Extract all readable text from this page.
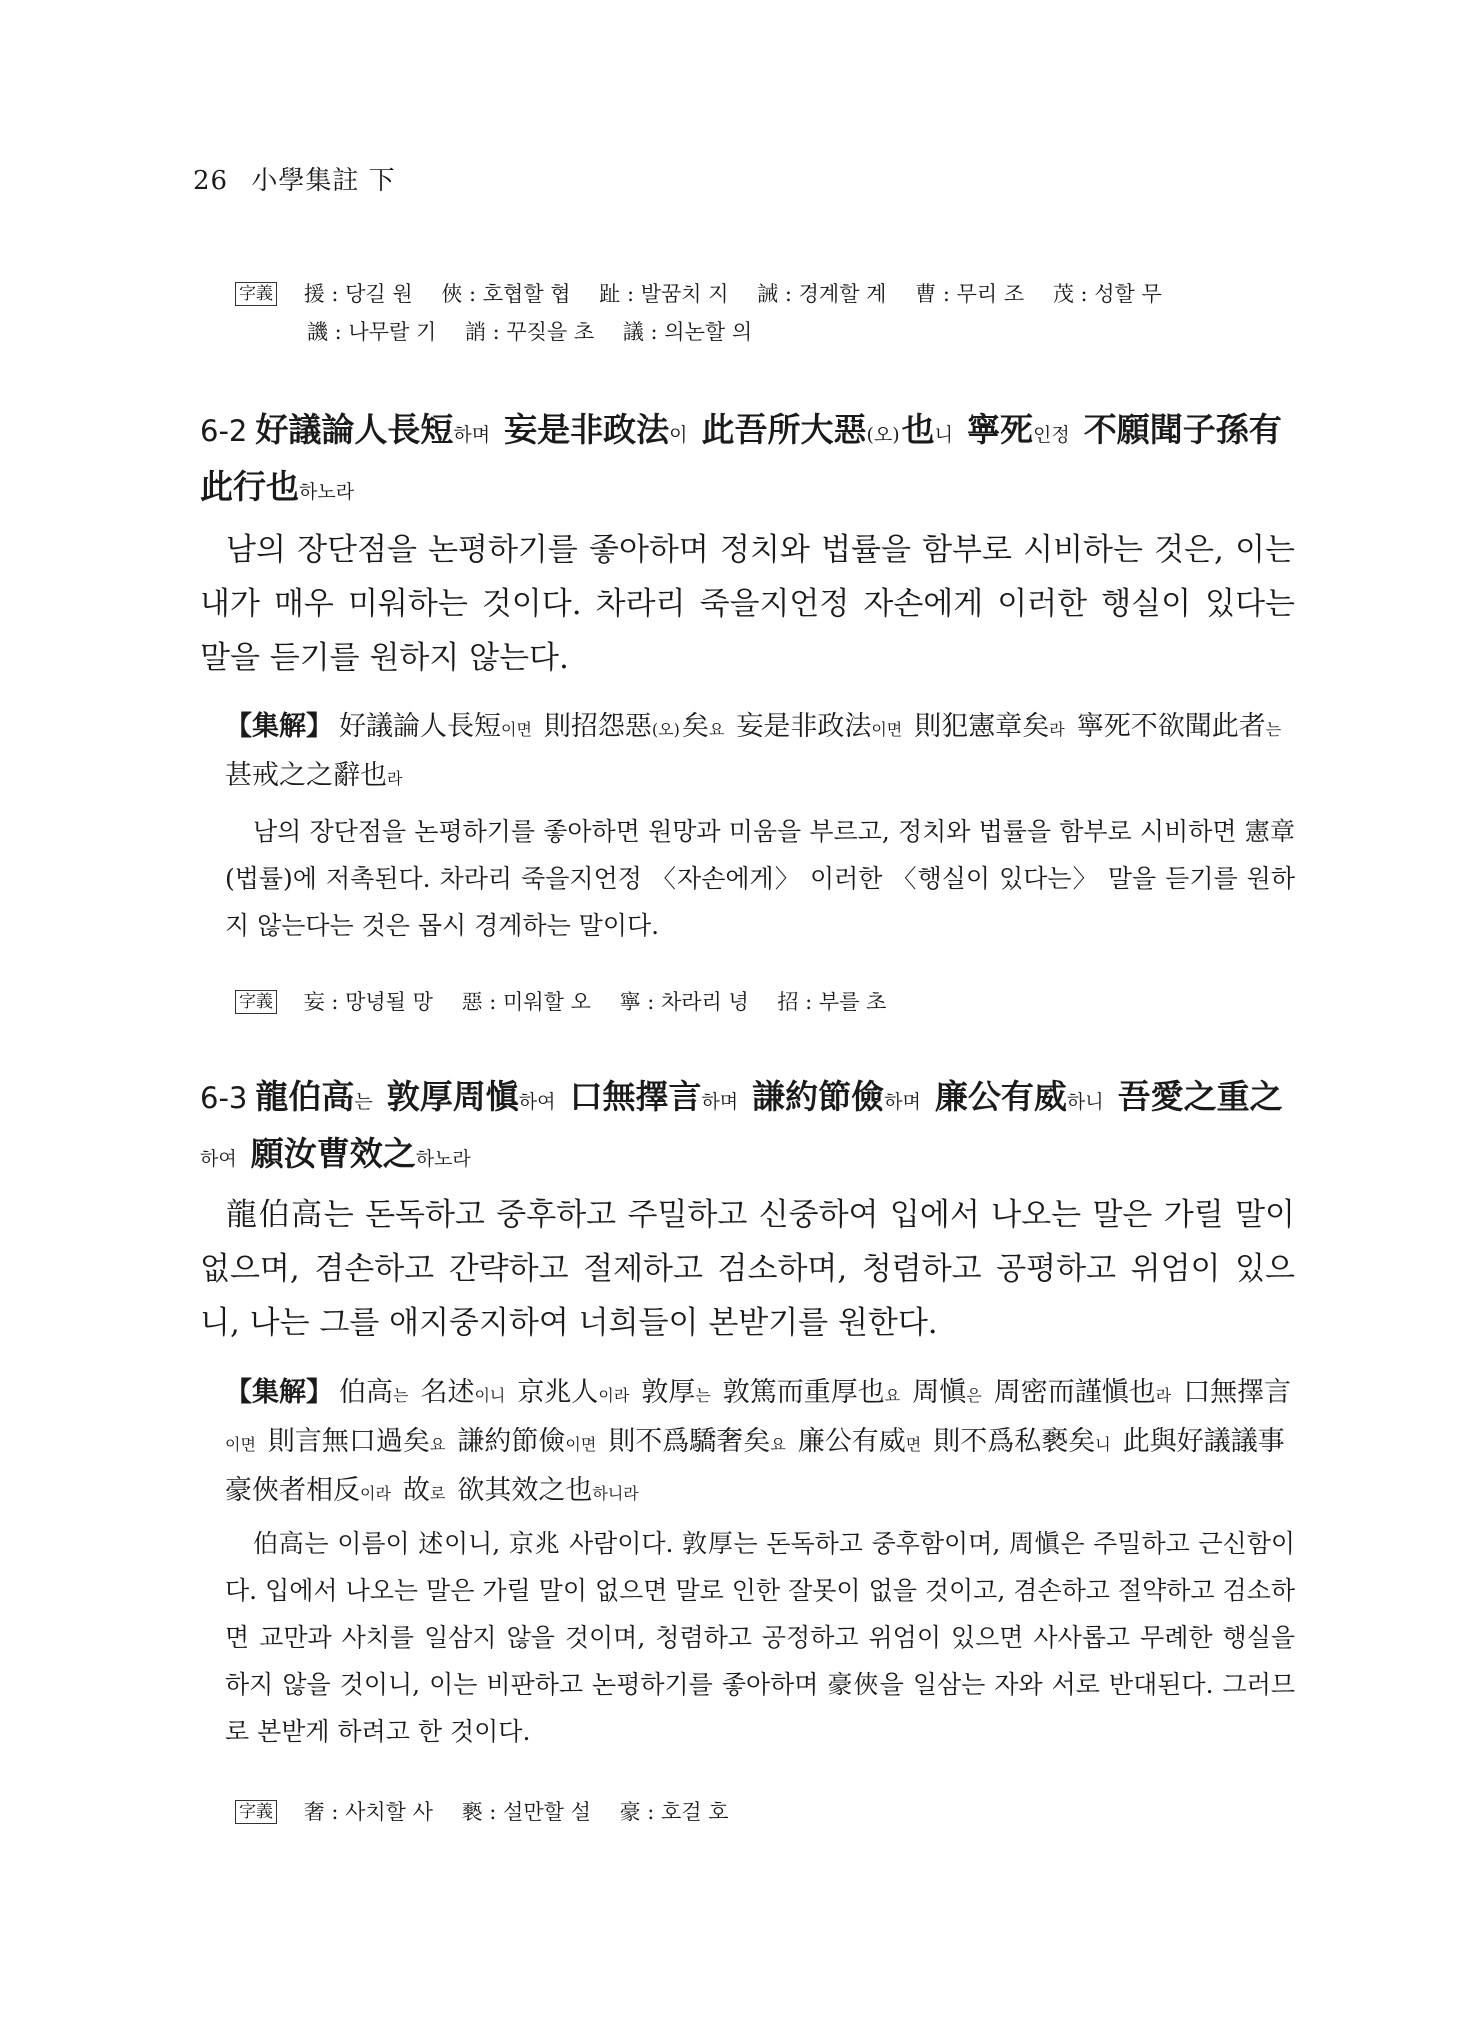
26 小學集註 下
字義 援 : 당길 원 俠 : 호협할 협 趾 : 발꿈치 지 誡 : 경계할 계 曹 : 무리 조 茂 : 성할 무
譏 : 나무랄 기 誚 : 꾸짖을 초 議 : 의논할 의
6-2 好議論人長短하며 妄是非政法이 此吾所大惡(오)也니 寧死인정 不願聞子孫有此行也하노라
남의 장단점을 논평하기를 좋아하며 정치와 법률을 함부로 시비하는 것은, 이는 내가 매우 미워하는 것이다. 차라리 죽을지언정 자손에게 이러한 행실이 있다는 말을 듣기를 원하지 않는다.
【集解】 好議論人長短이면 則招怨惡(오)矣요 妄是非政法이면 則犯憲章矣라 寧死不欲聞此者는甚戒之之辭也라
남의 장단점을 논평하기를 좋아하면 원망과 미움을 부르고, 정치와 법률을 함부로 시비하면 憲章(법률)에 저촉된다. 차라리 죽을지언정 〈자손에게〉 이러한 〈행실이 있다는〉 말을 듣기를 원하지 않는다는 것은 몹시 경계하는 말이다.
字義 妄 : 망녕될 망 惡 : 미워할 오 寧 : 차라리 녕 招 : 부를 초
6-3 龍伯高는 敦厚周愼하여 口無擇言하며 謙約節儉하며 廉公有威하니 吾愛之重之하여 願汝曹效之하노라
龍伯高는 돈독하고 중후하고 주밀하고 신중하여 입에서 나오는 말은 가릴 말이 없으며, 겸손하고 간략하고 절제하고 검소하며, 청렴하고 공평하고 위엄이 있으니, 나는 그를 애지중지하여 너희들이 본받기를 원한다.
【集解】 伯高는 名述이니 京兆人이라 敦厚는 敦篤而重厚也요 周愼은 周密而謹愼也라 口無擇言이면 則言無口過矣요 謙約節儉이면 則不爲驕奢矣요 廉公有威면 則不爲私褻矣니 此與好議議事豪俠者相反이라 故로 欲其效之也하니라
伯高는 이름이 述이니, 京兆 사람이다. 敦厚는 돈독하고 중후함이며, 周愼은 주밀하고 근신함이다. 입에서 나오는 말은 가릴 말이 없으면 말로 인한 잘못이 없을 것이고, 겸손하고 절약하고 검소하면 교만과 사치를 일삼지 않을 것이며, 청렴하고 공정하고 위엄이 있으면 사사롭고 무례한 행실을 하지 않을 것이니, 이는 비판하고 논평하기를 좋아하며 豪俠을 일삼는 자와 서로 반대된다. 그러므로 본받게 하려고 한 것이다.
字義 奢 : 사치할 사 褻 : 설만할 설 豪 : 호걸 호
